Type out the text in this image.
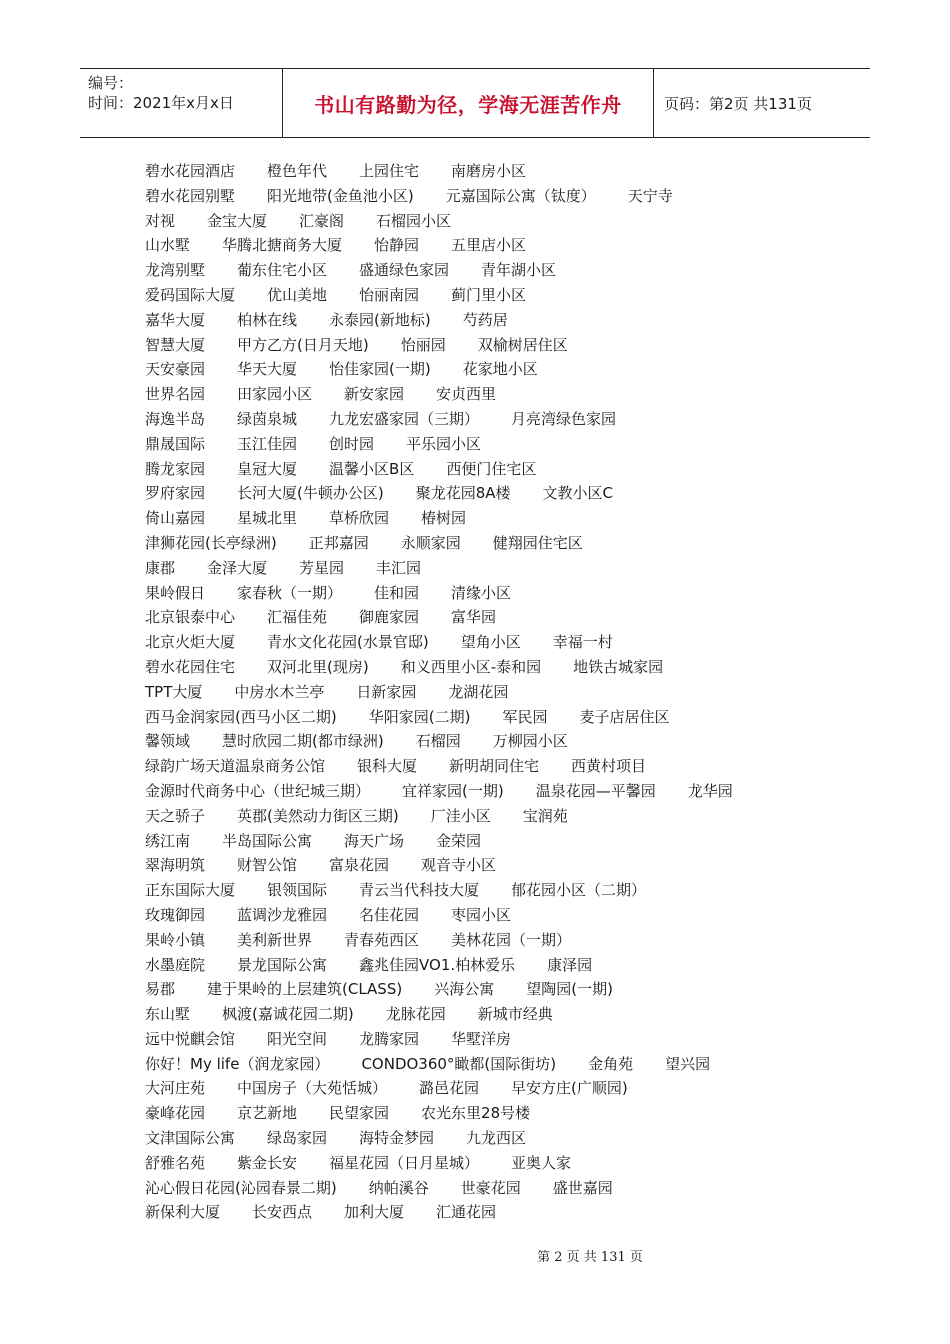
编号：
时间：2021年x月x日	书山有路勤为径，学海无涯苦作舟	页码：第2页 共131页
碧水花园酒店 橙色年代 上园住宅 南磨房小区
碧水花园别墅 阳光地带(金鱼池小区) 元嘉国际公寓（钛度） 天宁寺
对视 金宝大厦 汇豪阁 石榴园小区
山水墅 华腾北搪商务大厦 怡静园 五里店小区
龙湾别墅 葡东住宅小区 盛通绿色家园 青年湖小区
爱码国际大厦 优山美地 怡丽南园 蓟门里小区
嘉华大厦 柏林在线 永泰园(新地标) 芍药居
智慧大厦 甲方乙方(日月天地) 怡丽园 双榆树居住区
天安豪园 华天大厦 怡佳家园(一期) 花家地小区
世界名园 田家园小区 新安家园 安贞西里
海逸半岛 绿茵泉城 九龙宏盛家园（三期） 月亮湾绿色家园
鼎晟国际 玉江佳园 创时园 平乐园小区
腾龙家园 皇冠大厦 温馨小区B区 西便门住宅区
罗府家园 长河大厦(牛顿办公区) 聚龙花园8A楼 文教小区C
倚山嘉园 星城北里 草桥欣园 椿树园
津狮花园(长亭绿洲) 正邦嘉园 永顺家园 健翔园住宅区
康郡 金泽大厦 芳星园 丰汇园
果岭假日 家春秋（一期） 佳和园 清缘小区
北京银泰中心 汇福佳苑 御鹿家园 富华园
北京火炬大厦 青水文化花园(水景官邸) 望角小区 幸福一村
碧水花园住宅 双河北里(现房) 和义西里小区-泰和园 地铁古城家园
TPT大厦 中房水木兰亭 日新家园 龙湖花园
西马金润家园(西马小区二期) 华阳家园(二期) 军民园 麦子店居住区
馨领域 慧时欣园二期(都市绿洲) 石榴园 万柳园小区
绿韵广场天道温泉商务公馆 银科大厦 新明胡同住宅 西黄村项目
金源时代商务中心（世纪城三期） 宜祥家园(一期) 温泉花园—平馨园 龙华园
天之骄子 英郡(美然动力街区三期) 厂洼小区 宝润苑
绣江南 半岛国际公寓 海天广场 金荣园
翠海明筑 财智公馆 富泉花园 观音寺小区
正东国际大厦 银领国际 青云当代科技大厦 郁花园小区（二期）
玫瑰御园 蓝调沙龙雅园 名佳花园 枣园小区
果岭小镇 美利新世界 青春苑西区 美林花园（一期）
水墨庭院 景龙国际公寓 鑫兆佳园VO1.柏林爱乐 康泽园
易郡 建于果岭的上层建筑(CLASS) 兴海公寓 望陶园(一期)
东山墅 枫渡(嘉诚花园二期) 龙脉花园 新城市经典
远中悦麒会馆 阳光空间 龙腾家园 华墅洋房
你好！My life（润龙家园） CONDO360°瞰都(国际街坊) 金角苑 望兴园
大河庄苑 中国房子（大苑恬城） 潞邑花园 早安方庄(广顺园)
豪峰花园 京艺新地 民望家园 农光东里28号楼
文津国际公寓 绿岛家园 海特金梦园 九龙西区
舒雅名苑 紫金长安 福星花园（日月星城） 亚奥人家
沁心假日花园(沁园春景二期) 纳帕溪谷 世豪花园 盛世嘉园
新保利大厦 长安西点 加利大厦 汇通花园
第 2 页 共 131 页
